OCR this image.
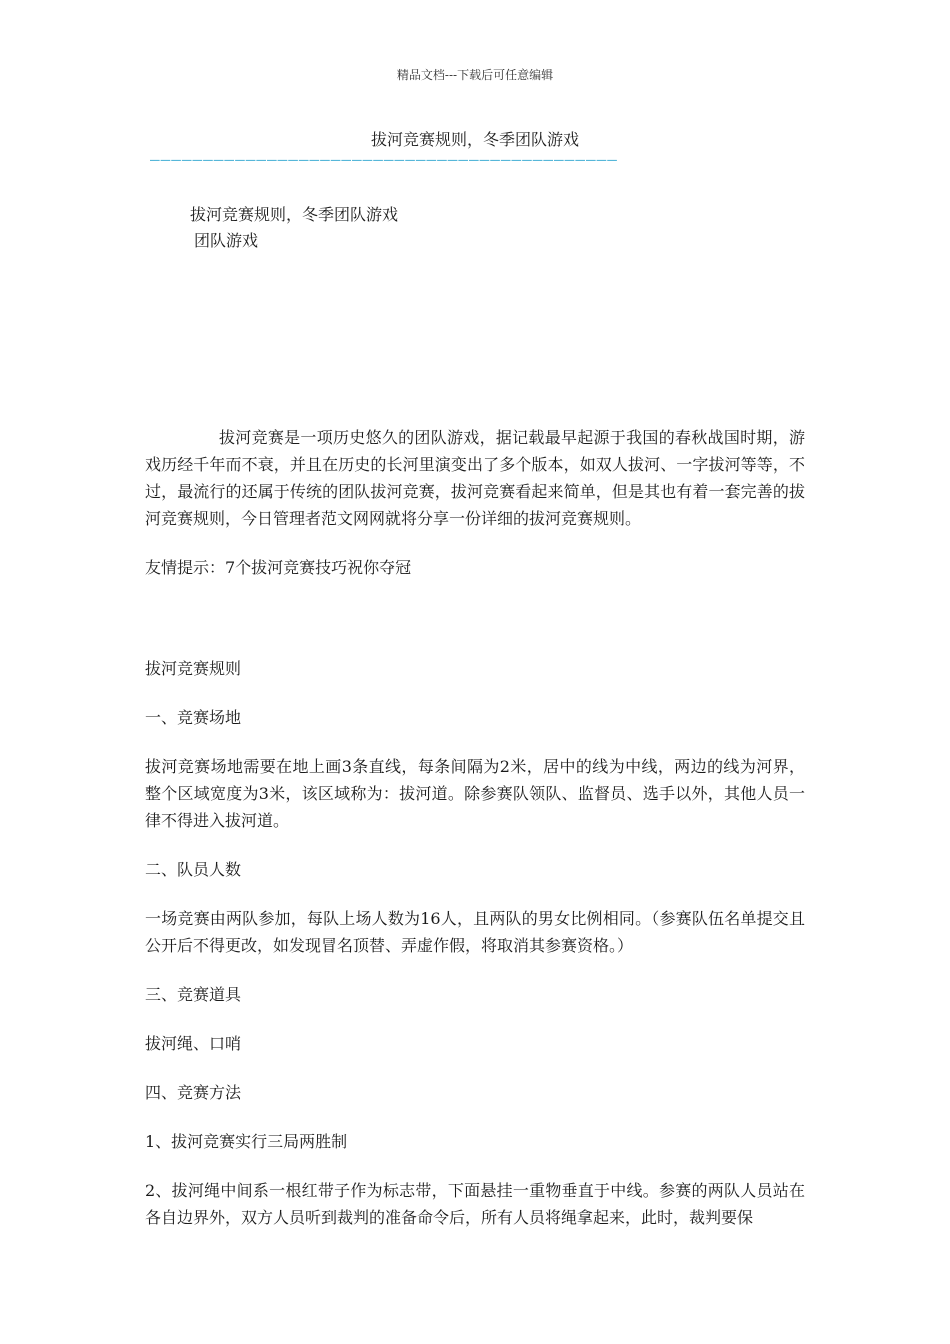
精品文档---下载后可任意编辑
拔河竞赛规则，冬季团队游戏
————————————————————————————————————————————
拔河竞赛规则，冬季团队游戏
团队游戏

拔河竞赛是一项历史悠久的团队游戏，据记载最早起源于我国的春秋战国时期，游戏历经千年而不衰，并且在历史的长河里演变出了多个版本，如双人拔河、一字拔河等等，不过，最流行的还属于传统的团队拔河竞赛，拔河竞赛看起来简单，但是其也有着一套完善的拔河竞赛规则，今日管理者范文网网就将分享一份详细的拔河竞赛规则。

友情提示：7个拔河竞赛技巧祝你夺冠

拔河竞赛规则

一、竞赛场地

拔河竞赛场地需要在地上画3条直线，每条间隔为2米，居中的线为中线，两边的线为河界，整个区域宽度为3米，该区域称为：拔河道。除参赛队领队、监督员、选手以外，其他人员一律不得进入拔河道。

二、队员人数

一场竞赛由两队参加，每队上场人数为16人，且两队的男女比例相同。（参赛队伍名单提交且公开后不得更改，如发现冒名顶替、弄虚作假，将取消其参赛资格。）

三、竞赛道具

拔河绳、口哨

四、竞赛方法

1、拔河竞赛实行三局两胜制

2、拔河绳中间系一根红带子作为标志带，下面悬挂一重物垂直于中线。参赛的两队人员站在各自边界外，双方人员听到裁判的准备命令后，所有人员将绳拿起来，此时，裁判要保
